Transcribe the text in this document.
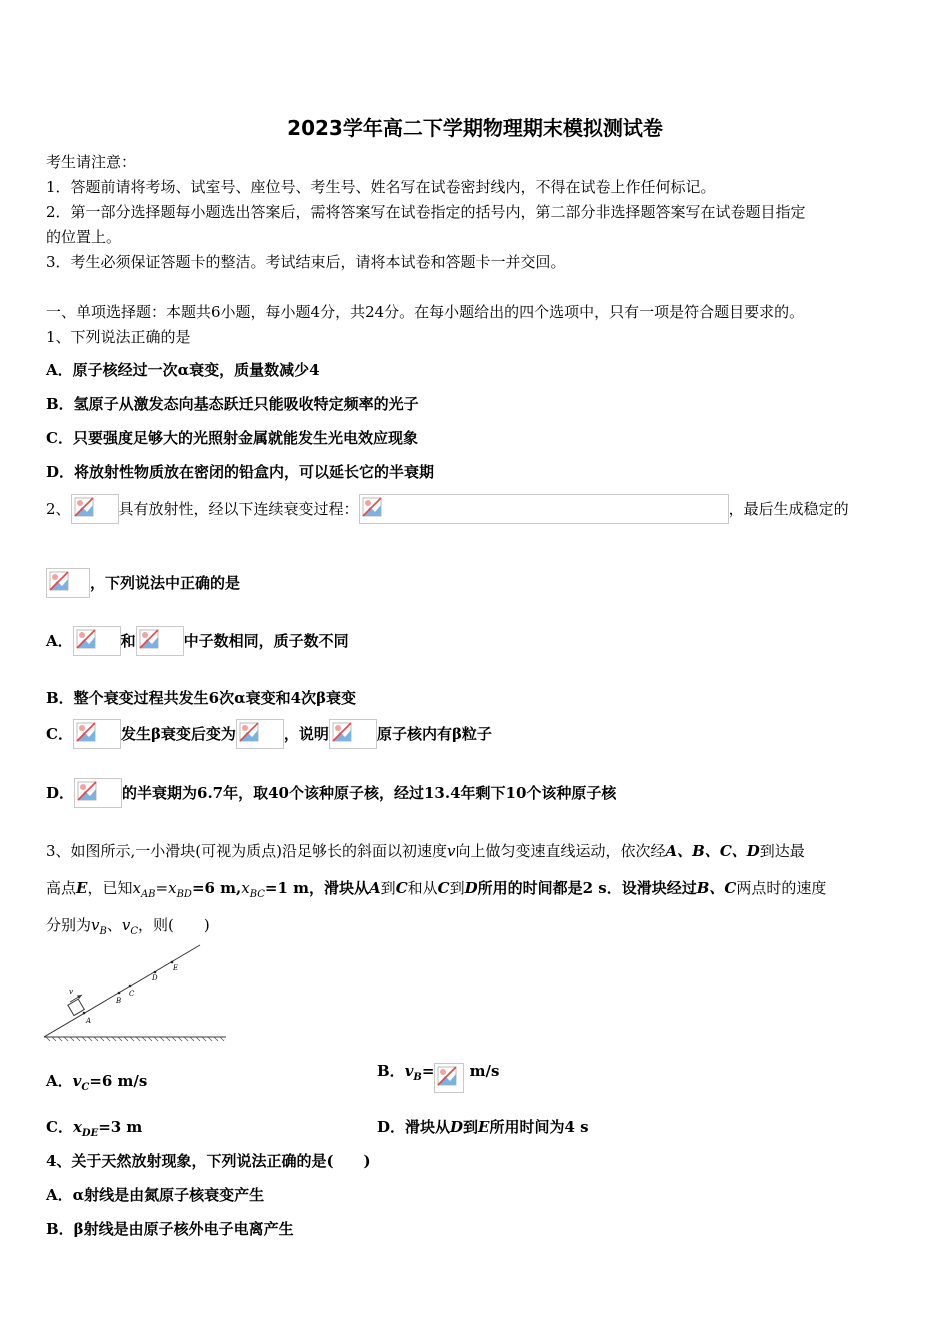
2023学年高二下学期物理期末模拟测试卷
考生请注意：
1．答题前请将考场、试室号、座位号、考生号、姓名写在试卷密封线内，不得在试卷上作任何标记。
2．第一部分选择题每小题选出答案后，需将答案写在试卷指定的括号内，第二部分非选择题答案写在试卷题目指定
的位置上。
3．考生必须保证答题卡的整洁。考试结束后，请将本试卷和答题卡一并交回。
一、单项选择题：本题共6小题，每小题4分，共24分。在每小题给出的四个选项中，只有一项是符合题目要求的。
1、下列说法正确的是
A．原子核经过一次α衰变，质量数减少4
B．氢原子从激发态向基态跃迁只能吸收特定频率的光子
C．只要强度足够大的光照射金属就能发生光电效应现象
D．将放射性物质放在密闭的铅盒内，可以延长它的半衰期
2、	具有放射性，经以下连续衰变过程：	，最后生成稳定的
，下列说法中正确的是
A．	和	中子数相同，质子数不同
B．整个衰变过程共发生6次α衰变和4次β衰变
C．	发生β衰变后变为	，说明	原子核内有β粒子
D．	的半衰期为6.7年，取40个该种原子核，经过13.4年剩下10个该种原子核
3、如图所示,一小滑块(可视为质点)沿足够长的斜面以初速度v向上做匀变速直线运动，依次经A、B、C、D到达最
高点E，已知$x_{AB}=x_{BD}=6$ $m,x_{BC}=1$ m，滑块从A到C和从C到D所用的时间都是2 s．设滑块经过B、C两点时的速度
分别为$v_B$、$v_C$，则(　　)
v
A
B
C
D
E
A．$v_C=6$ m/s
B．$v_B=$
m/s
C．$x_{DE}=3$ m	D．滑块从D到E所用时间为4 s
4、关于天然放射现象，下列说法正确的是(　　)
A．α射线是由氮原子核衰变产生
B．β射线是由原子核外电子电离产生
